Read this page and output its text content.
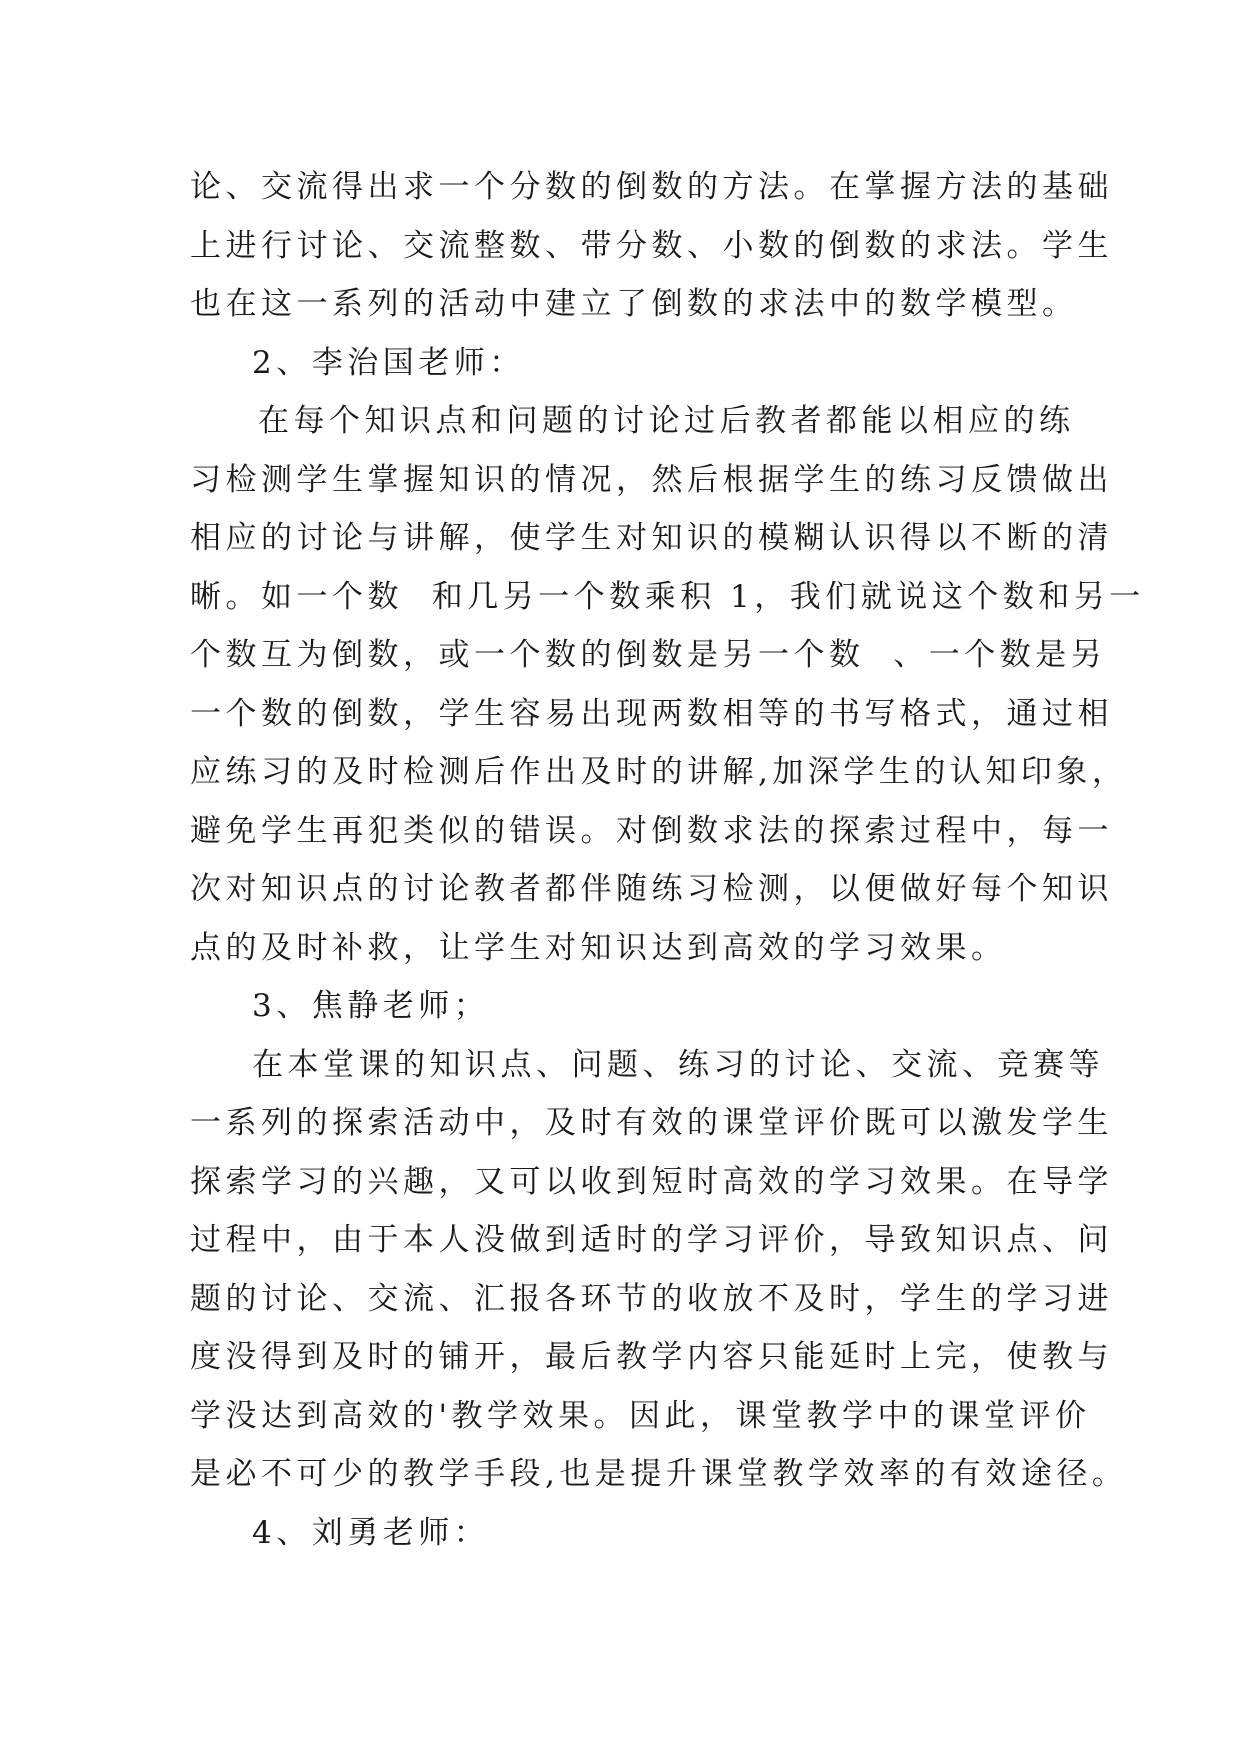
论、交流得出求一个分数的倒数的方法。在掌握方法的基础
上进行讨论、交流整数、带分数、小数的倒数的求法。学生
也在这一系列的活动中建立了倒数的求法中的数学模型。
2、李治国老师：
在每个知识点和问题的讨论过后教者都能以相应的练
习检测学生掌握知识的情况，然后根据学生的练习反馈做出
相应的讨论与讲解，使学生对知识的模糊认识得以不断的清
晰。如一个数  和几另一个数乘积 1，我们就说这个数和另一
个数互为倒数，或一个数的倒数是另一个数  、一个数是另
一个数的倒数，学生容易出现两数相等的书写格式，通过相
应练习的及时检测后作出及时的讲解,加深学生的认知印象，
避免学生再犯类似的错误。对倒数求法的探索过程中，每一
次对知识点的讨论教者都伴随练习检测，以便做好每个知识
点的及时补救，让学生对知识达到高效的学习效果。
3、焦静老师；
在本堂课的知识点、问题、练习的讨论、交流、竞赛等
一系列的探索活动中，及时有效的课堂评价既可以激发学生
探索学习的兴趣，又可以收到短时高效的学习效果。在导学
过程中，由于本人没做到适时的学习评价，导致知识点、问
题的讨论、交流、汇报各环节的收放不及时，学生的学习进
度没得到及时的铺开，最后教学内容只能延时上完，使教与
学没达到高效的'教学效果。因此，课堂教学中的课堂评价
是必不可少的教学手段,也是提升课堂教学效率的有效途径。
4、刘勇老师：
